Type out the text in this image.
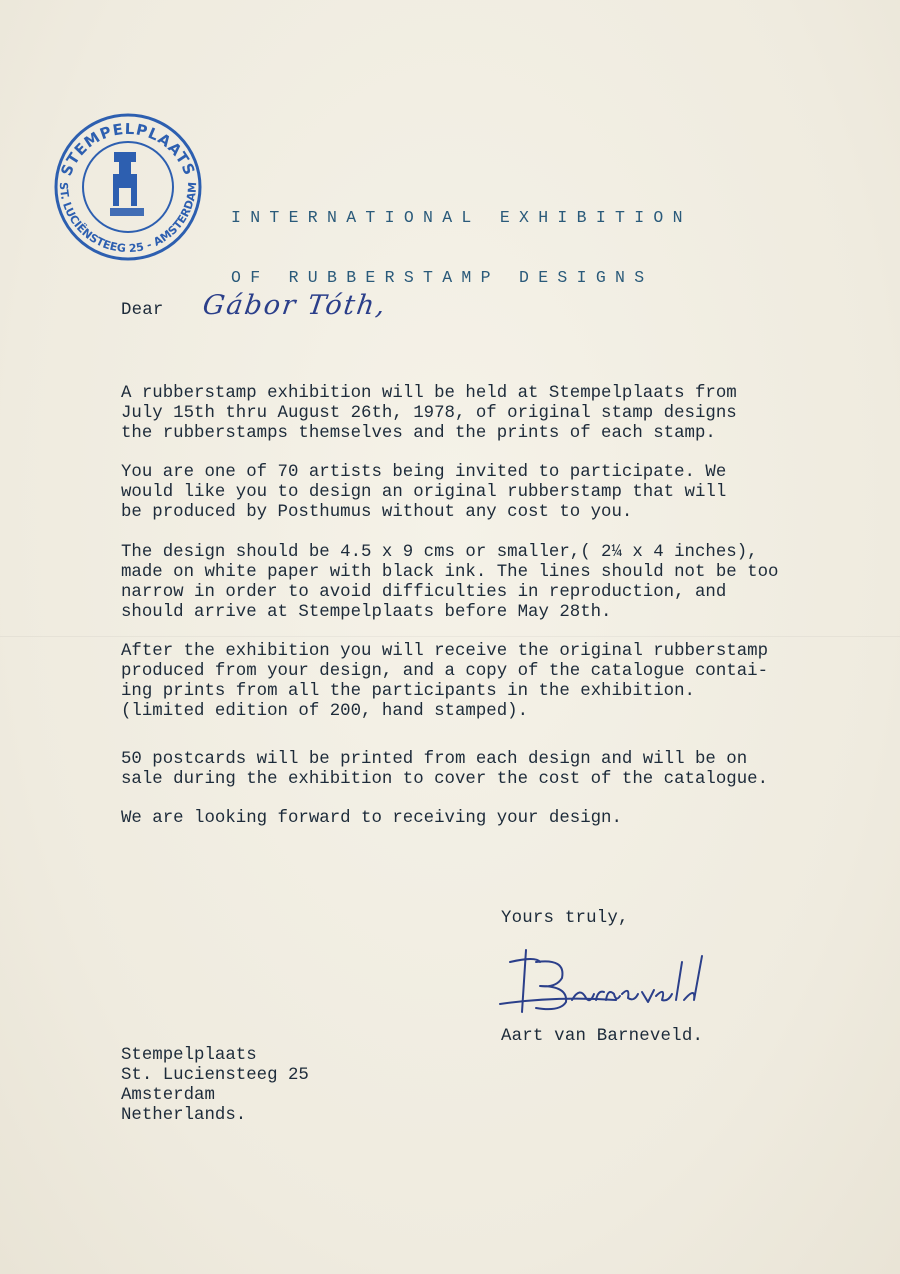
STEMPELPLAATS
ST. LUCIËNSTEEG 25 - AMSTERDAM

INTERNATIONAL EXHIBITION

OF RUBBERSTAMP DESIGNS

Dear Gábor Tóth,
A rubberstamp exhibition will be held at Stempelplaats from
July 15th thru August 26th, 1978, of original stamp designs
the rubberstamps themselves and the prints of each stamp.
You are one of 70 artists being invited to participate. We
would like you to design an original rubberstamp that will
be produced by Posthumus without any cost to you.
The design should be 4.5 x 9 cms or smaller,( 2¼ x 4 inches),
made on white paper with black ink. The lines should not be too
narrow in order to avoid difficulties in reproduction, and
should arrive at Stempelplaats before May 28th.
After the exhibition you will receive the original rubberstamp
produced from your design, and a copy of the catalogue contai-
ing prints from all the participants in the exhibition.
(limited edition of 200, hand stamped).
50 postcards will be printed from each design and will be on
sale during the exhibition to cover the cost of the catalogue.
We are looking forward to receiving your design.

Yours truly,

Aart van Barneveld.

Stempelplaats
St. Luciensteeg 25
Amsterdam
Netherlands.
